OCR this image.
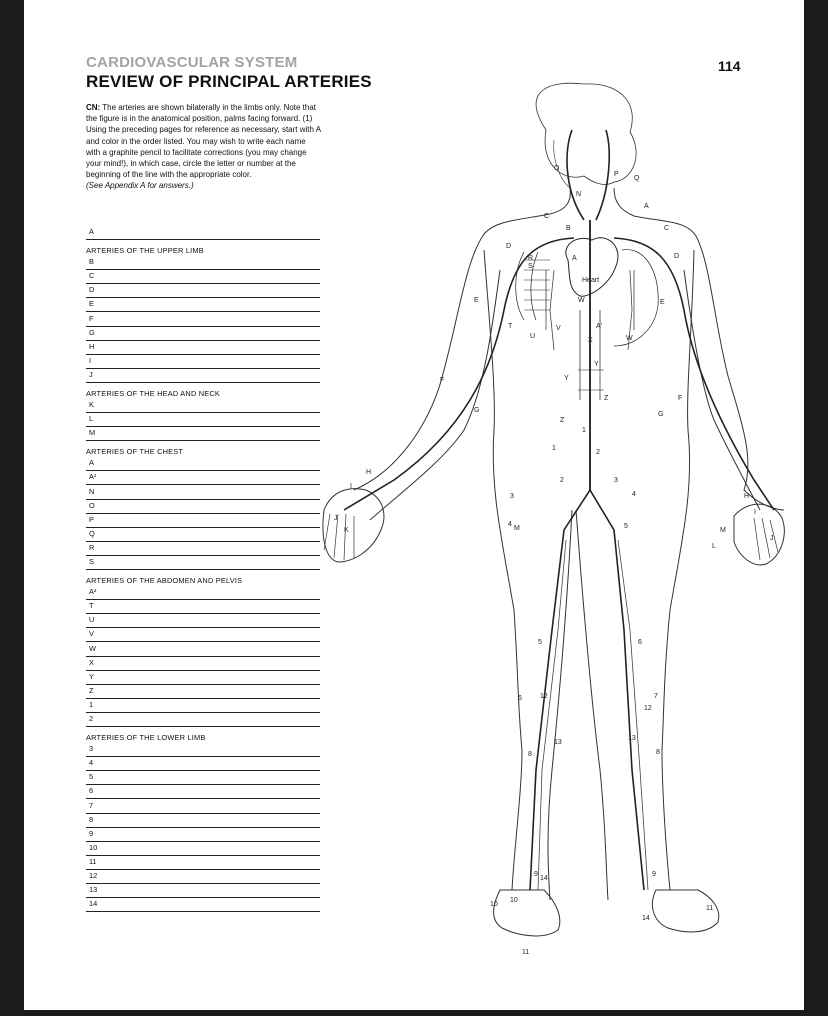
CARDIOVASCULAR SYSTEM
REVIEW OF PRINCIPAL ARTERIES
114
CN: The arteries are shown bilaterally in the limbs only. Note that the figure is in the anatomical position, palms facing forward. (1) Using the preceding pages for reference as necessary, start with A and color in the order listed. You may wish to write each name with a graphite pencil to facilitate corrections (you may change your mind!), in which case, circle the letter or number at the beginning of the line with the appropriate color.
(See Appendix A for answers.)
A
ARTERIES OF THE UPPER LIMB
B
C
D
E
F
G
H
I
J
ARTERIES OF THE HEAD AND NECK
K
L
M
ARTERIES OF THE CHEST
A
A¹
N
O
P
Q
R
S
ARTERIES OF THE ABDOMEN AND PELVIS
A²
T
U
V
W
X
Y
Z
1
2
ARTERIES OF THE LOWER LIMB
3
4
5
6
7
8
9
10
11
12
13
14
Heart
A
A
A'
B
C
C
D
D
E	E
F
F
G
G
H
H
I
I
J
J
K
L
M	M
N
O
P
Q
R
S
T
U
V
W
W
X
Y
Y
Z
Z
1
1
2
2	3
3	4
4	5
5	6
6	7
8	8
9	9
10
10
11
11
12
12
13
13
14
14
